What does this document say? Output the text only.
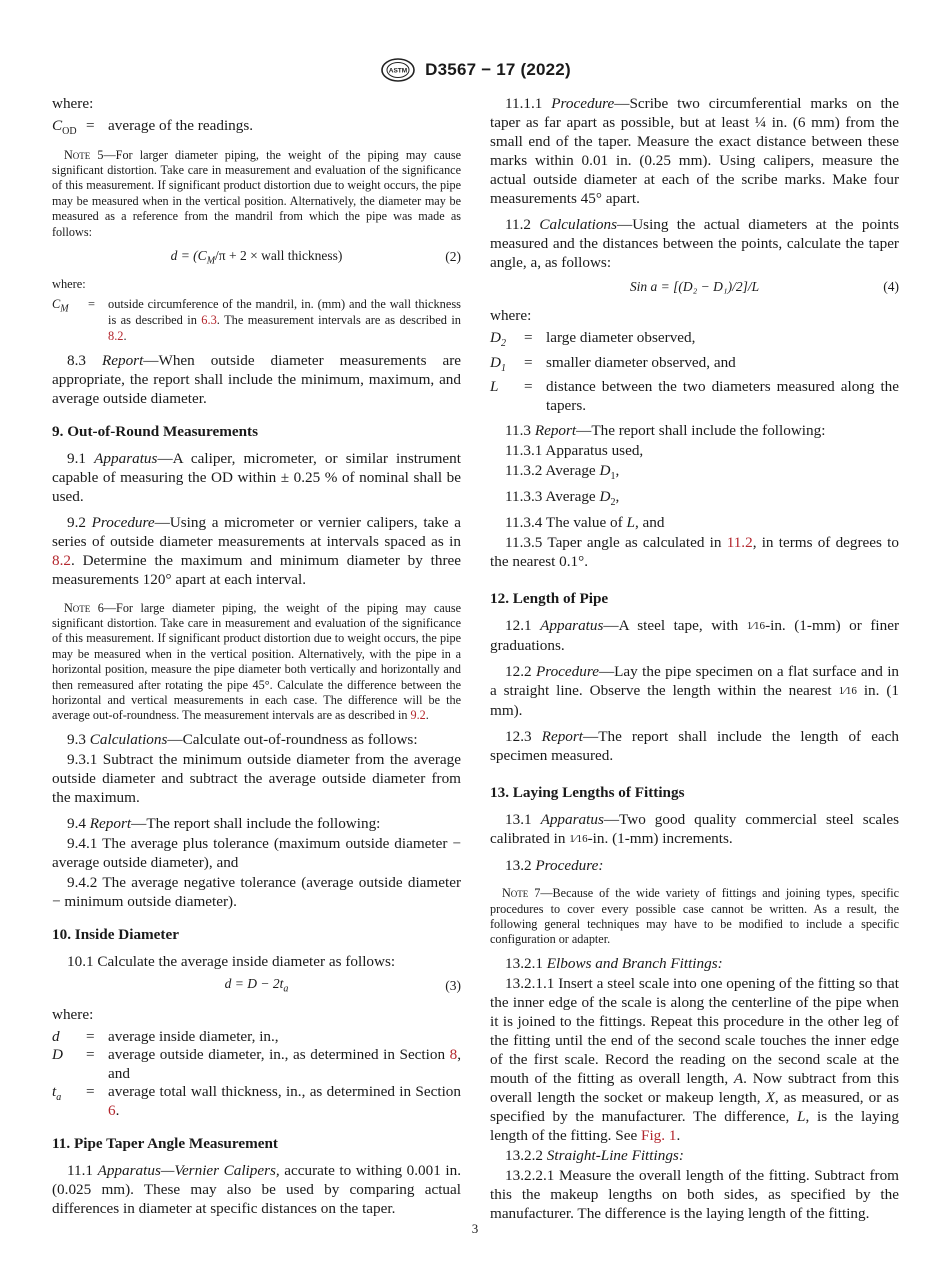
ASTM D3567 − 17 (2022)
where:
$C_{OD}$	=	average of the readings.
Note 5—For larger diameter piping, the weight of the piping may cause significant distortion. Take care in measurement and evaluation of the significance of this measurement. If significant product distortion due to weight occurs, the pipe may be measured when in the vertical position. Alternatively, the diameter may be measured as a reference from the mandril from which the pipe was made as follows:
$d = (C_M/\pi + 2$ × wall thickness)	(2)
where:
$C_M$	=	outside circumference of the mandril, in. (mm) and the wall thickness is as described in 6.3. The measurement intervals are as described in 8.2.

8.3 Report—When outside diameter measurements are appropriate, the report shall include the minimum, maximum, and average outside diameter.

9. Out-of-Round Measurements

9.1 Apparatus—A caliper, micrometer, or similar instrument capable of measuring the OD within ± 0.25 % of nominal shall be used.

9.2 Procedure—Using a micrometer or vernier calipers, take a series of outside diameter measurements at intervals spaced as in 8.2. Determine the maximum and minimum diameter by three measurements 120° apart at each interval.

Note 6—For large diameter piping, the weight of the piping may cause significant distortion. Take care in measurement and evaluation of the significance of this measurement. If significant product distortion due to weight occurs, the pipe may be measured when in the vertical position. Alternatively, with the pipe in a horizontal position, measure the pipe diameter both vertically and horizontally and then remeasured after rotating the pipe 45°. Calculate the difference between the horizontal and vertical measurements in each case. The difference will be the average out-of-roundness. The measurement intervals are as described in 9.2.

9.3 Calculations—Calculate out-of-roundness as follows:

9.3.1 Subtract the minimum outside diameter from the average outside diameter and subtract the average outside diameter from the maximum.

9.4 Report—The report shall include the following:

9.4.1 The average plus tolerance (maximum outside diameter − average outside diameter), and

9.4.2 The average negative tolerance (average outside diameter − minimum outside diameter).

10. Inside Diameter

10.1 Calculate the average inside diameter as follows:

$d = D - 2t_a$	(3)
where:
d	=	average inside diameter, in.,
D	=	average outside diameter, in., as determined in Section 8, and
$t_a$	=	average total wall thickness, in., as determined in Section 6.
11. Pipe Taper Angle Measurement

11.1 Apparatus—Vernier Calipers, accurate to withing 0.001 in. (0.025 mm). These may also be used by comparing actual differences in diameter at specific distances on the taper.

11.1.1 Procedure—Scribe two circumferential marks on the taper as far apart as possible, but at least ¼ in. (6 mm) from the small end of the taper. Measure the exact distance between these marks within 0.01 in. (0.25 mm). Using calipers, measure the actual outside diameter at each of the scribe marks. Make four measurements 45° apart.

11.2 Calculations—Using the actual diameters at the points measured and the distances between the points, calculate the taper angle, a, as follows:

Sin a = [(D₂ − D₁)/2]/L	(4)
where:
$D_2$	=	large diameter observed,
$D_1$	=	smaller diameter observed, and
L	=	distance between the two diameters measured along the tapers.

11.3 Report—The report shall include the following:

11.3.1 Apparatus used,

11.3.2 Average $D_1$,

11.3.3 Average $D_2$,

11.3.4 The value of L, and

11.3.5 Taper angle as calculated in 11.2, in terms of degrees to the nearest 0.1°.

12. Length of Pipe

12.1 Apparatus—A steel tape, with 1⁄16-in. (1-mm) or finer graduations.

12.2 Procedure—Lay the pipe specimen on a flat surface and in a straight line. Observe the length within the nearest 1⁄16 in. (1 mm).

12.3 Report—The report shall include the length of each specimen measured.

13. Laying Lengths of Fittings

13.1 Apparatus—Two good quality commercial steel scales calibrated in 1⁄16-in. (1-mm) increments.

13.2 Procedure:

Note 7—Because of the wide variety of fittings and joining types, specific procedures to cover every possible case cannot be written. As a result, the following general techniques may have to be modified to include a specific configuration or adapter.

13.2.1 Elbows and Branch Fittings:

13.2.1.1 Insert a steel scale into one opening of the fitting so that the inner edge of the scale is along the centerline of the pipe when it is joined to the fittings. Repeat this procedure in the other leg of the fitting until the end of the second scale touches the inner edge of the first scale. Record the reading on the second scale at the mouth of the fitting as overall length, A. Now subtract from this overall length the socket or makeup length, X, as measured, or as specified by the manufacturer. The difference, L, is the laying length of the fitting. See Fig. 1.

13.2.2 Straight-Line Fittings:

13.2.2.1 Measure the overall length of the fitting. Subtract from this the makeup lengths on both sides, as specified by the manufacturer. The difference is the laying length of the fitting.

3
